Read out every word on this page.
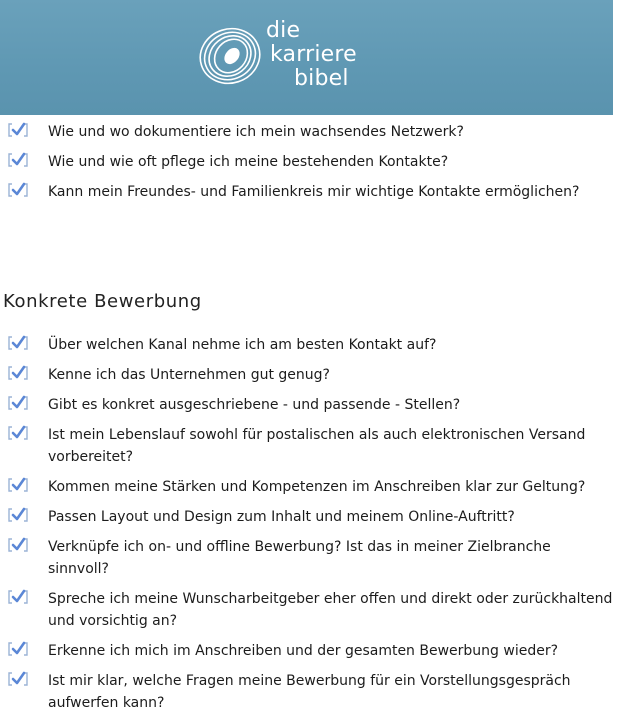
die
karriere
bibel
Wie und wo dokumentiere ich mein wachsendes Netzwerk?
Wie und wie oft pflege ich meine bestehenden Kontakte?
Kann mein Freundes- und Familienkreis mir wichtige Kontakte ermöglichen?
Konkrete Bewerbung
Über welchen Kanal nehme ich am besten Kontakt auf?
Kenne ich das Unternehmen gut genug?
Gibt es konkret ausgeschriebene - und passende - Stellen?
Ist mein Lebenslauf sowohl für postalischen als auch elektronischen Versand vorbereitet?
Kommen meine Stärken und Kompetenzen im Anschreiben klar zur Geltung?
Passen Layout und Design zum Inhalt und meinem Online-Auftritt?
Verknüpfe ich on- und offline Bewerbung? Ist das in meiner Zielbranche sinnvoll?
Spreche ich meine Wunscharbeitgeber eher offen und direkt oder zurückhaltend und vorsichtig an?
Erkenne ich mich im Anschreiben und der gesamten Bewerbung wieder?
Ist mir klar, welche Fragen meine Bewerbung für ein Vorstellungsgespräch aufwerfen kann?
